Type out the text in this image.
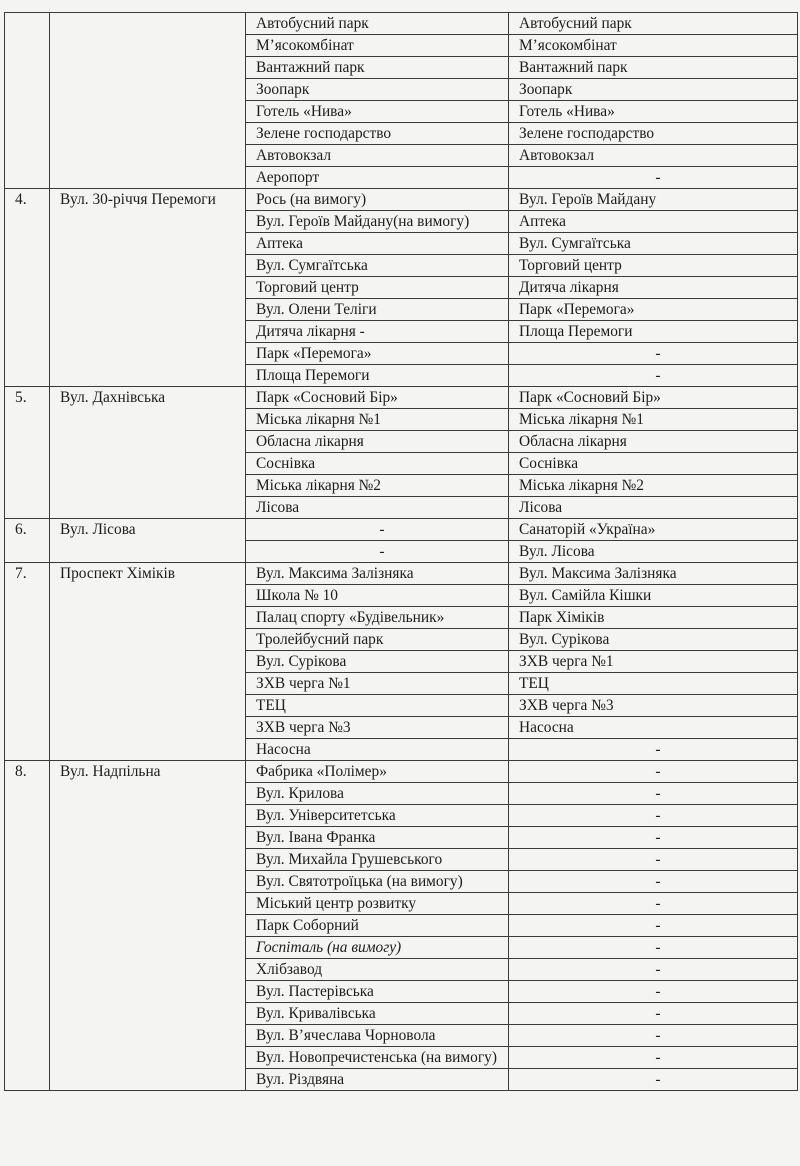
		Автобусний парк	Автобусний парк
		М’ясокомбінат	М’ясокомбінат
		Вантажний парк	Вантажний парк
		Зоопарк	Зоопарк
		Готель «Нива»	Готель «Нива»
		Зелене господарство	Зелене господарство
		Автовокзал	Автовокзал
		Аеропорт	-
4.	Вул. 30-річчя Перемоги	Рось (на вимогу)	Вул. Героїв Майдану
		Вул. Героїв Майдану(на вимогу)	Аптека
		Аптека	Вул. Сумгаїтська
		Вул. Сумгаїтська	Торговий центр
		Торговий центр	Дитяча лікарня
		Вул. Олени Теліги	Парк «Перемога»
		Дитяча лікарня -	Площа Перемоги
		Парк «Перемога»	-
		Площа Перемоги	-
5.	Вул. Дахнівська	Парк «Сосновий Бір»	Парк «Сосновий Бір»
		Міська лікарня №1	Міська лікарня №1
		Обласна лікарня	Обласна лікарня
		Соснівка	Соснівка
		Міська лікарня №2	Міська лікарня №2
		Лісова	Лісова
6.	Вул. Лісова	-	Санаторій «Україна»
		-	Вул. Лісова
7.	Проспект Хіміків	Вул. Максима Залізняка	Вул. Максима Залізняка
		Школа № 10	Вул. Самійла Кішки
		Палац спорту «Будівельник»	Парк Хіміків
		Тролейбусний парк	Вул. Сурікова
		Вул. Сурікова	ЗХВ черга №1
		ЗХВ черга №1	ТЕЦ
		ТЕЦ	ЗХВ черга №3
		ЗХВ черга №3	Насосна
		Насосна	-
8.	Вул. Надпільна	Фабрика «Полімер»	-
		Вул. Крилова	-
		Вул. Університетська	-
		Вул. Івана Франка	-
		Вул. Михайла Грушевського	-
		Вул. Святотроїцька (на вимогу)	-
		Міський центр розвитку	-
		Парк Соборний	-
		Госпіталь (на вимогу)	-
		Хлібзавод	-
		Вул. Пастерівська	-
		Вул. Кривалівська	-
		Вул. В’ячеслава Чорновола	-
		Вул. Новопречистенська (на вимогу)	-
		Вул. Різдвяна	-
